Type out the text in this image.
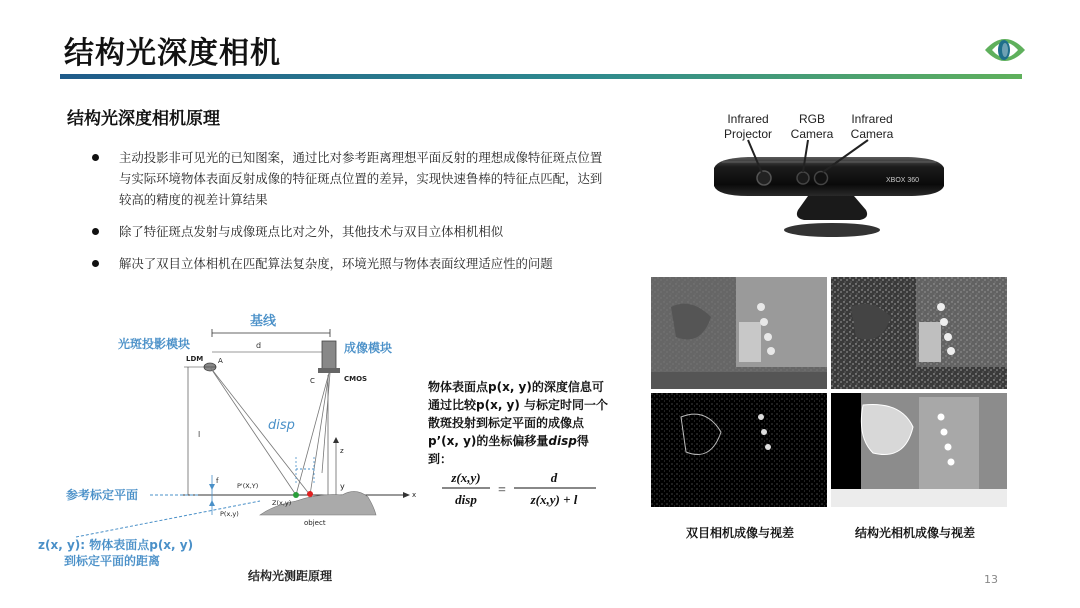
结构光深度相机
结构光深度相机原理
主动投影非可见光的已知图案，通过比对参考距离理想平面反射的理想成像特征斑点位置与实际环境物体表面反射成像的特征斑点位置的差异，实现快速鲁棒的特征点匹配，达到较高的精度的视差计算结果
除了特征斑点发射与成像斑点比对之外，其他技术与双目立体相机相似
解决了双目立体相机在匹配算法复杂度，环境光照与物体表面纹理适应性的问题
Infrared
Projector
RGB
Camera
Infrared
Camera
XBOX 360
基线
光斑投影模块	成像模块
d
LDM A
C	CMOS
l
z
disp
x
y
参考标定平面
f
object
P'(X,Y)
Z(x,y)
P(x,y)
z(x, y): 物体表面点p(x, y)
到标定平面的距离
结构光测距原理
物体表面点p(x, y)的深度信息可通过比较p(x, y) 与标定时同一个散斑投射到标定平面的成像点p’(x, y)的坐标偏移量disp得到：
z(x,y)
disp
=
d
z(x,y) + l
双目相机成像与视差	结构光相机成像与视差
13
